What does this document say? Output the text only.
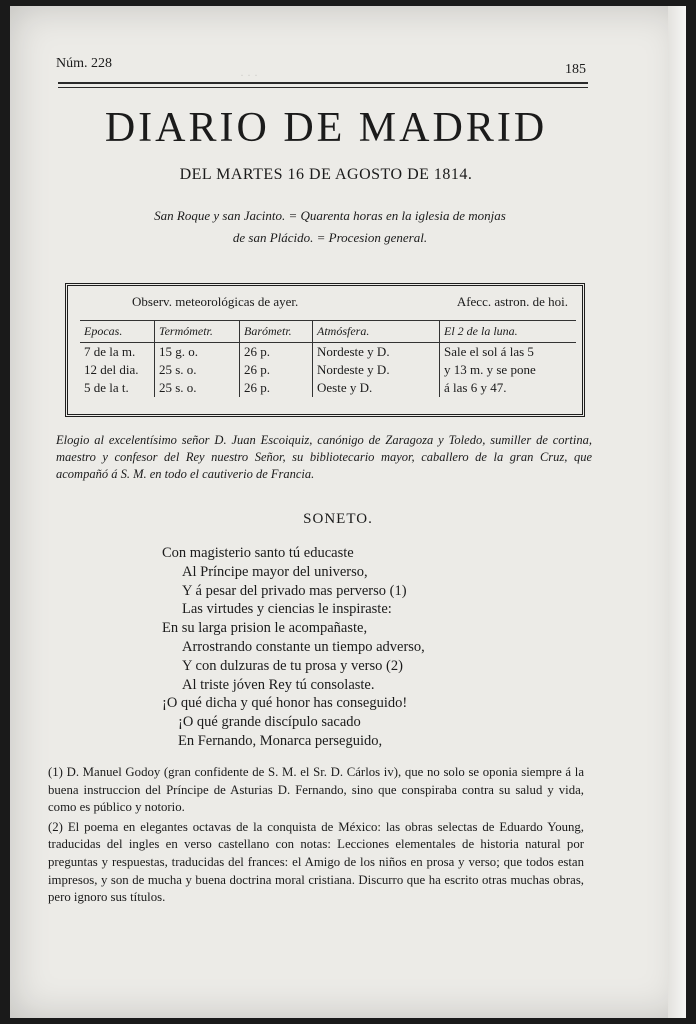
· · ·
Núm. 228	185
DIARIO DE MADRID
DEL MARTES 16 DE AGOSTO DE 1814.
San Roque y san Jacinto. = Quarenta horas en la iglesia de monjas
de san Plácido. = Procesion general.
Observ. meteorológicas de ayer.	Afecc. astron. de hoi.
Epocas.	Termómetr.	Barómetr.	Atmósfera.	El 2 de la luna.
7 de la m.	15 g. o.	26 p.	Nordeste y D.	Sale el sol á las 5
12 del dia.	25 s. o.	26 p.	Nordeste y D.	y 13 m. y se pone
5 de la t.	25 s. o.	26 p.	Oeste y D.	á las 6 y 47.
Elogio al excelentísimo señor D. Juan Escoiquiz, canónigo de Zaragoza y Toledo, sumiller de cortina, maestro y confesor del Rey nuestro Señor, su bibliotecario mayor, caballero de la gran Cruz, que acompañó á S. M. en todo el cautiverio de Francia.
SONETO.
Con magisterio santo tú educaste
Al Príncipe mayor del universo,
Y á pesar del privado mas perverso (1)
Las virtudes y ciencias le inspiraste:
En su larga prision le acompañaste,
Arrostrando constante un tiempo adverso,
Y con dulzuras de tu prosa y verso (2)
Al triste jóven Rey tú consolaste.
¡O qué dicha y qué honor has conseguido!
¡O qué grande discípulo sacado
En Fernando, Monarca perseguido,

(1) D. Manuel Godoy (gran confidente de S. M. el Sr. D. Cárlos iv), que no solo se oponia siempre á la buena instruccion del Príncipe de Asturias D. Fernando, sino que conspiraba contra su salud y vida, como es público y notorio.

(2) El poema en elegantes octavas de la conquista de México: las obras selectas de Eduardo Young, traducidas del ingles en verso castellano con notas: Lecciones elementales de historia natural por preguntas y respuestas, traducidas del frances: el Amigo de los niños en prosa y verso; que todos estan impresos, y son de mucha y buena doctrina moral cristiana. Discurro que ha escrito otras muchas obras, pero ignoro sus títulos.
